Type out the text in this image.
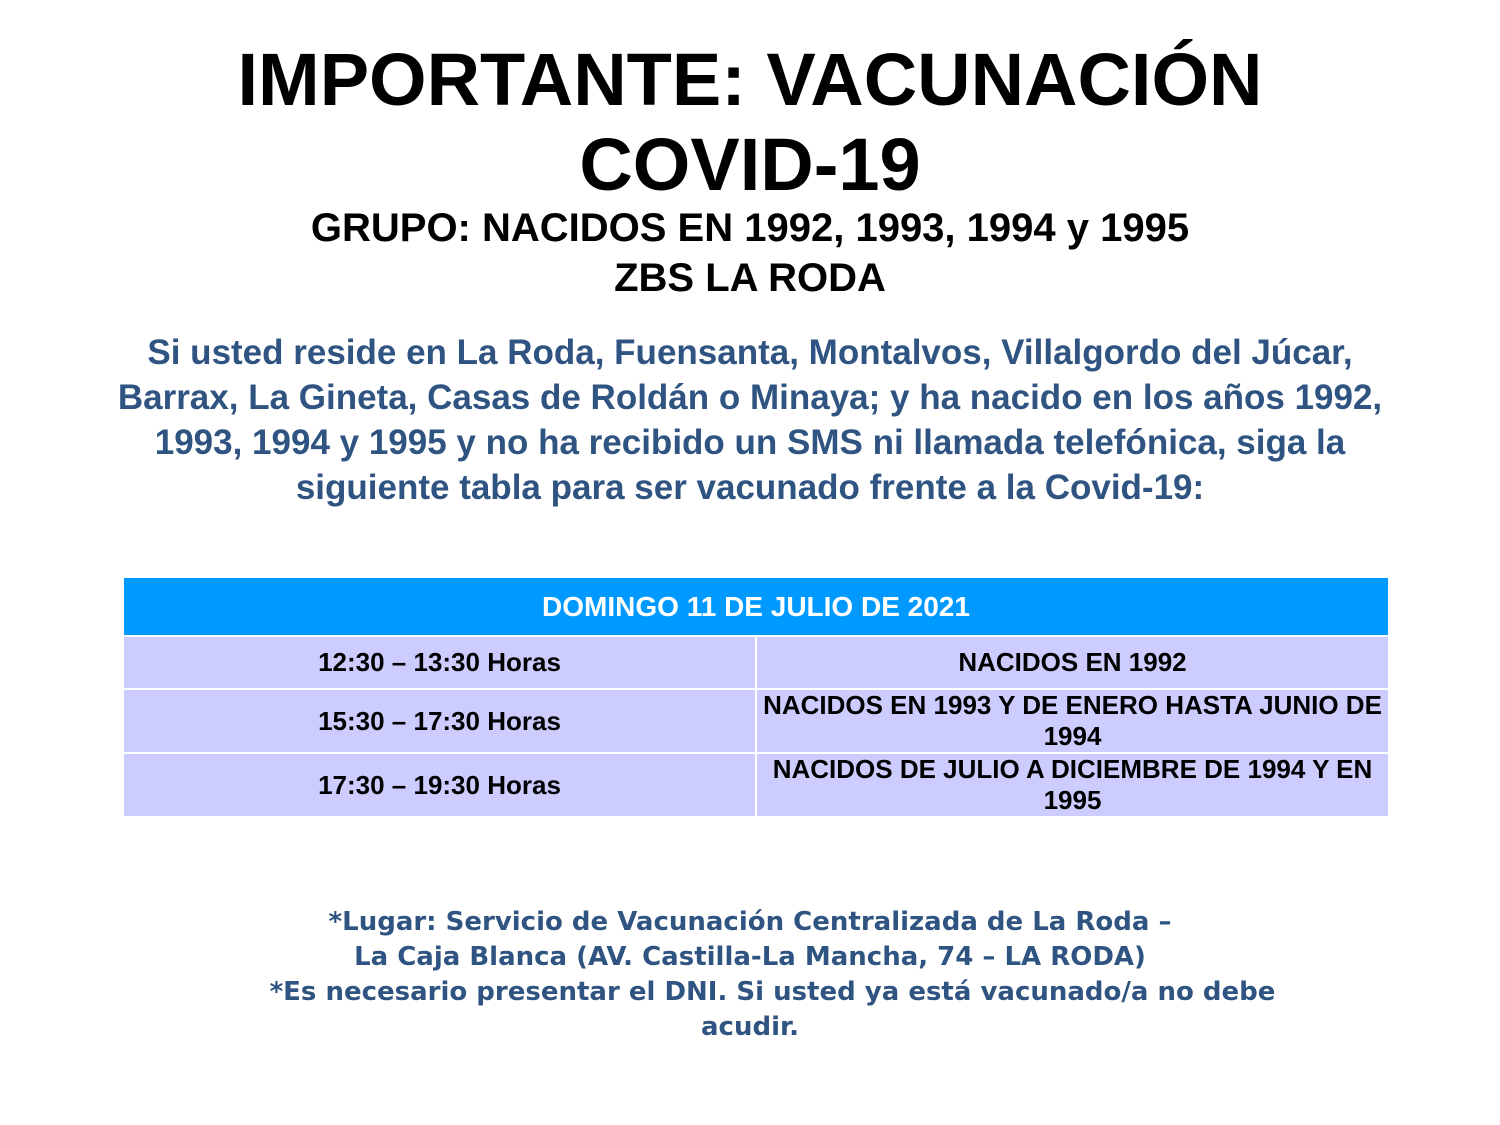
IMPORTANTE: VACUNACIÓN
COVID-19
GRUPO: NACIDOS EN 1992, 1993, 1994 y 1995
ZBS LA RODA

Si usted reside en La Roda, Fuensanta, Montalvos, Villalgordo del Júcar, Barrax, La Gineta, Casas de Roldán o Minaya; y ha nacido en los años 1992, 1993, 1994 y 1995 y no ha recibido un SMS ni llamada telefónica, siga la siguiente tabla para ser vacunado frente a la Covid-19:

DOMINGO 11 DE JULIO DE 2021	
12:30 – 13:30 Horas	NACIDOS EN 1992
15:30 – 17:30 Horas	NACIDOS EN 1993 Y DE ENERO HASTA JUNIO DE 1994
17:30 – 19:30 Horas	NACIDOS DE JULIO A DICIEMBRE DE 1994 Y EN 1995
*Lugar: Servicio de Vacunación Centralizada de La Roda –
La Caja Blanca (AV. Castilla-La Mancha, 74 – LA RODA)
*Es necesario presentar el DNI. Si usted ya está vacunado/a no debe
acudir.
